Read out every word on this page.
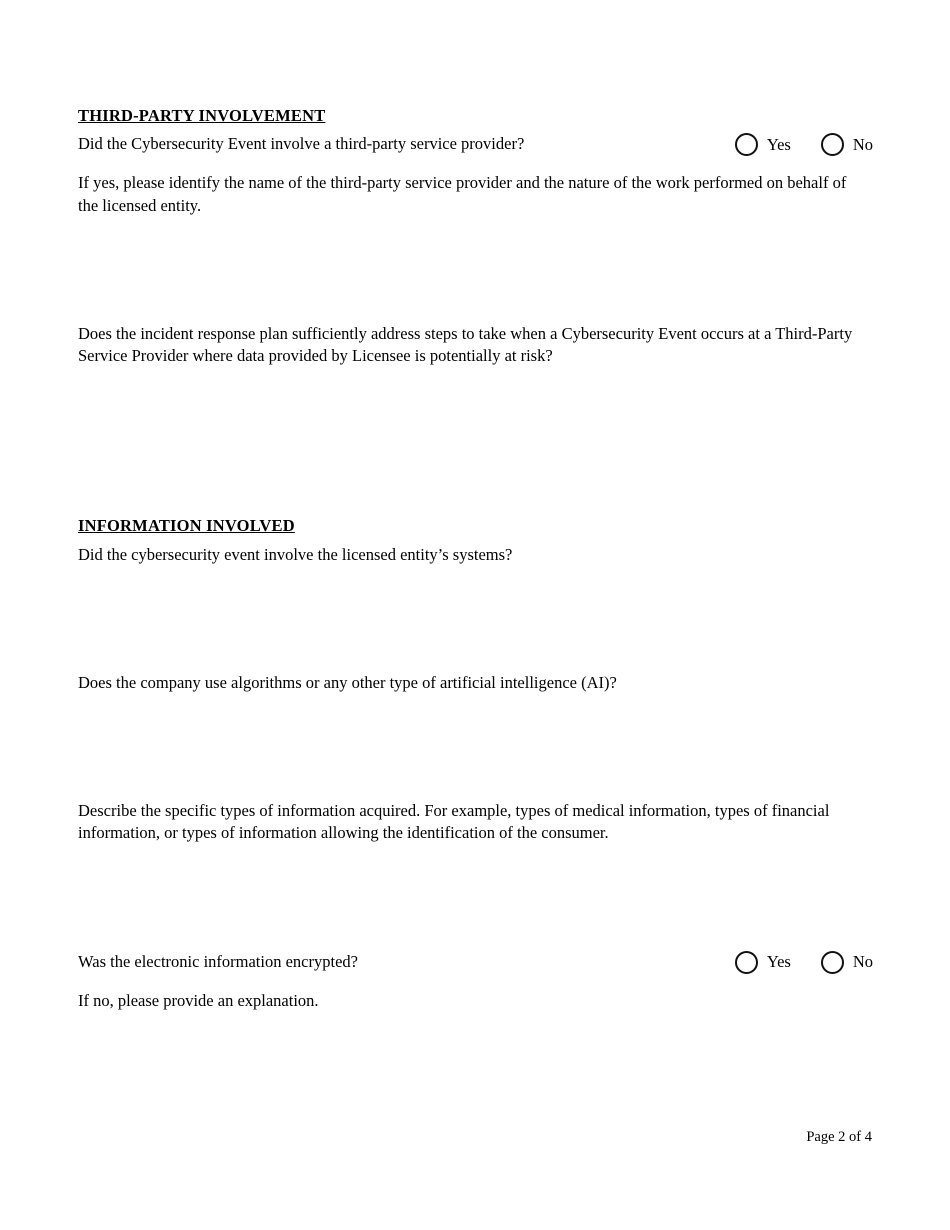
THIRD-PARTY INVOLVEMENT
Did the Cybersecurity Event involve a third-party service provider?	Yes	No
If yes, please identify the name of the third-party service provider and the nature of the work performed on behalf of the licensed entity.
Does the incident response plan sufficiently address steps to take when a Cybersecurity Event occurs at a Third-Party Service Provider where data provided by Licensee is potentially at risk?
INFORMATION INVOLVED
Did the cybersecurity event involve the licensed entity’s systems?
Does the company use algorithms or any other type of artificial intelligence (AI)?
Describe the specific types of information acquired. For example, types of medical information, types of financial information, or types of information allowing the identification of the consumer.
Was the electronic information encrypted?	Yes	No
If no, please provide an explanation.
Page 2 of 4
